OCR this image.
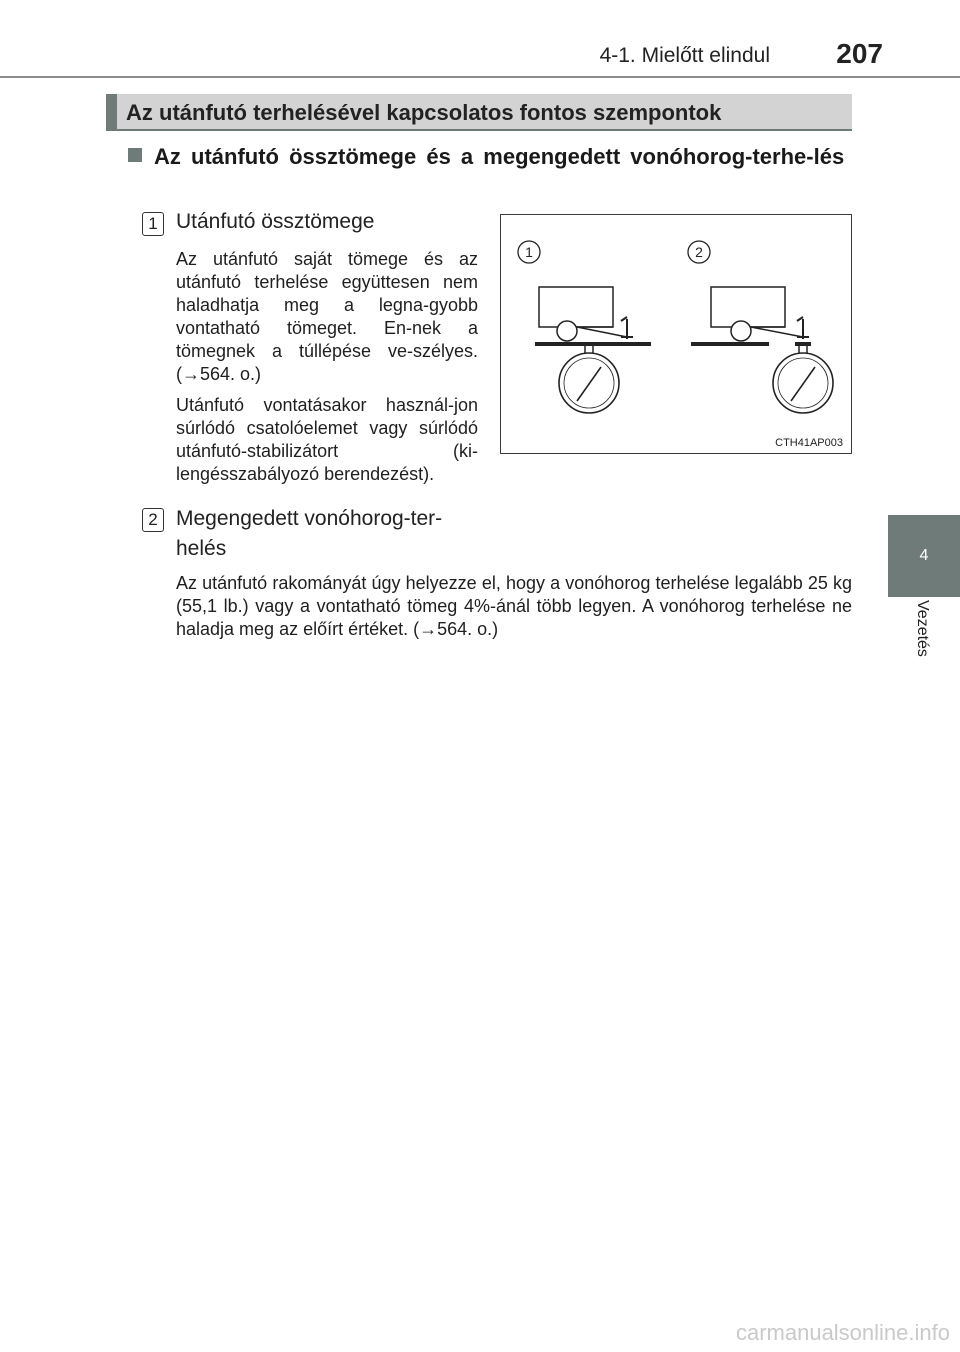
4-1. Mielőtt elindul	207
4
Vezetés
Az utánfutó terhelésével kapcsolatos fontos szempontok
Az utánfutó össztömege és a megengedett vonóhorog-terhe-lés
1 Utánfutó össztömege

Az utánfutó saját tömege és az utánfutó terhelése együttesen nem haladhatja meg a legna-gyobb vontatható tömeget. En-nek a tömegnek a túllépése ve-szélyes. (→564. o.)

Utánfutó vontatásakor használ-jon súrlódó csatolóelemet vagy súrlódó utánfutó-stabilizátort (ki-lengésszabályozó berendezést).

1	2
CTH41AP003
2 Megengedett vonóhorog-ter-
helés

Az utánfutó rakományát úgy helyezze el, hogy a vonóhorog terhelése legalább 25 kg (55,1 lb.) vagy a vontatható tömeg 4%-ánál több legyen. A vonóhorog terhelése ne haladja meg az előírt értéket. (→564. o.)

carmanualsonline.info
